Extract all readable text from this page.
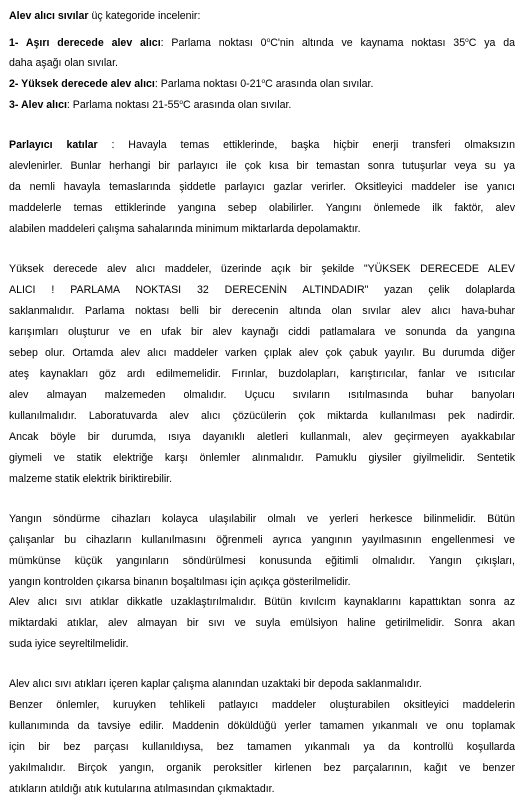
Alev alıcı sıvılar üç kategoride incelenir:
1- Aşırı derecede alev alıcı: Parlama noktası 0$^o$C'nin altında ve kaynama noktası 35$^o$C ya da
daha aşağı olan sıvılar.
2- Yüksek derecede alev alıcı: Parlama noktası 0-21$^o$C arasında olan sıvılar.
3- Alev alıcı: Parlama noktası 21-55$^o$C arasında olan sıvılar.
Parlayıcı katılar : Havayla temas ettiklerinde, başka hiçbir enerji transferi olmaksızın
alevlenirler. Bunlar herhangi bir parlayıcı ile çok kısa bir temastan sonra tutuşurlar veya su ya
da nemli havayla temaslarında şiddetle parlayıcı gazlar verirler. Oksitleyici maddeler ise yanıcı
maddelerle temas ettiklerinde yangına sebep olabilirler. Yangını önlemede ilk faktör, alev
alabilen maddeleri çalışma sahalarında minimum miktarlarda depolamaktır.
Yüksek derecede alev alıcı maddeler, üzerinde açık bir şekilde "YÜKSEK DERECEDE ALEV
ALICI ! PARLAMA NOKTASI 32 DERECENİN ALTINDADIR" yazan çelik dolaplarda
saklanmalıdır. Parlama noktası belli bir derecenin altında olan sıvılar alev alıcı hava-buhar
karışımları oluşturur ve en ufak bir alev kaynağı ciddi patlamalara ve sonunda da yangına
sebep olur. Ortamda alev alıcı maddeler varken çıplak alev çok çabuk yayılır. Bu durumda diğer
ateş kaynakları göz ardı edilmemelidir. Fırınlar, buzdolapları, karıştırıcılar, fanlar ve ısıtıcılar
alev almayan malzemeden olmalıdır. Uçucu sıvıların ısıtılmasında buhar banyoları
kullanılmalıdır. Laboratuvarda alev alıcı çözücülerin çok miktarda kullanılması pek nadirdir.
Ancak böyle bir durumda, ısıya dayanıklı aletleri kullanmalı, alev geçirmeyen ayakkabılar
giymeli ve statik elektriğe karşı önlemler alınmalıdır. Pamuklu giysiler giyilmelidir. Sentetik
malzeme statik elektrik biriktirebilir.
Yangın söndürme cihazları kolayca ulaşılabilir olmalı ve yerleri herkesce bilinmelidir. Bütün
çalışanlar bu cihazların kullanılmasını öğrenmeli ayrıca yangının yayılmasının engellenmesi ve
mümkünse küçük yangınların söndürülmesi konusunda eğitimli olmalıdır. Yangın çıkışları,
yangın kontrolden çıkarsa binanın boşaltılması için açıkça gösterilmelidir.
Alev alıcı sıvı atıklar dikkatle uzaklaştırılmalıdır. Bütün kıvılcım kaynaklarını kapattıktan sonra az
miktardaki atıklar, alev almayan bir sıvı ve suyla emülsiyon haline getirilmelidir. Sonra akan
suda iyice seyreltilmelidir.
Alev alıcı sıvı atıkları içeren kaplar çalışma alanından uzaktaki bir depoda saklanmalıdır.
Benzer önlemler, kuruyken tehlikeli patlayıcı maddeler oluşturabilen oksitleyici maddelerin
kullanımında da tavsiye edilir. Maddenin döküldüğü yerler tamamen yıkanmalı ve onu toplamak
için bir bez parçası kullanıldıysa, bez tamamen yıkanmalı ya da kontrollü koşullarda
yakılmalıdır. Birçok yangın, organik peroksitler kirlenen bez parçalarının, kağıt ve benzer
atıkların atıldığı atık kutularına atılmasından çıkmaktadır.
